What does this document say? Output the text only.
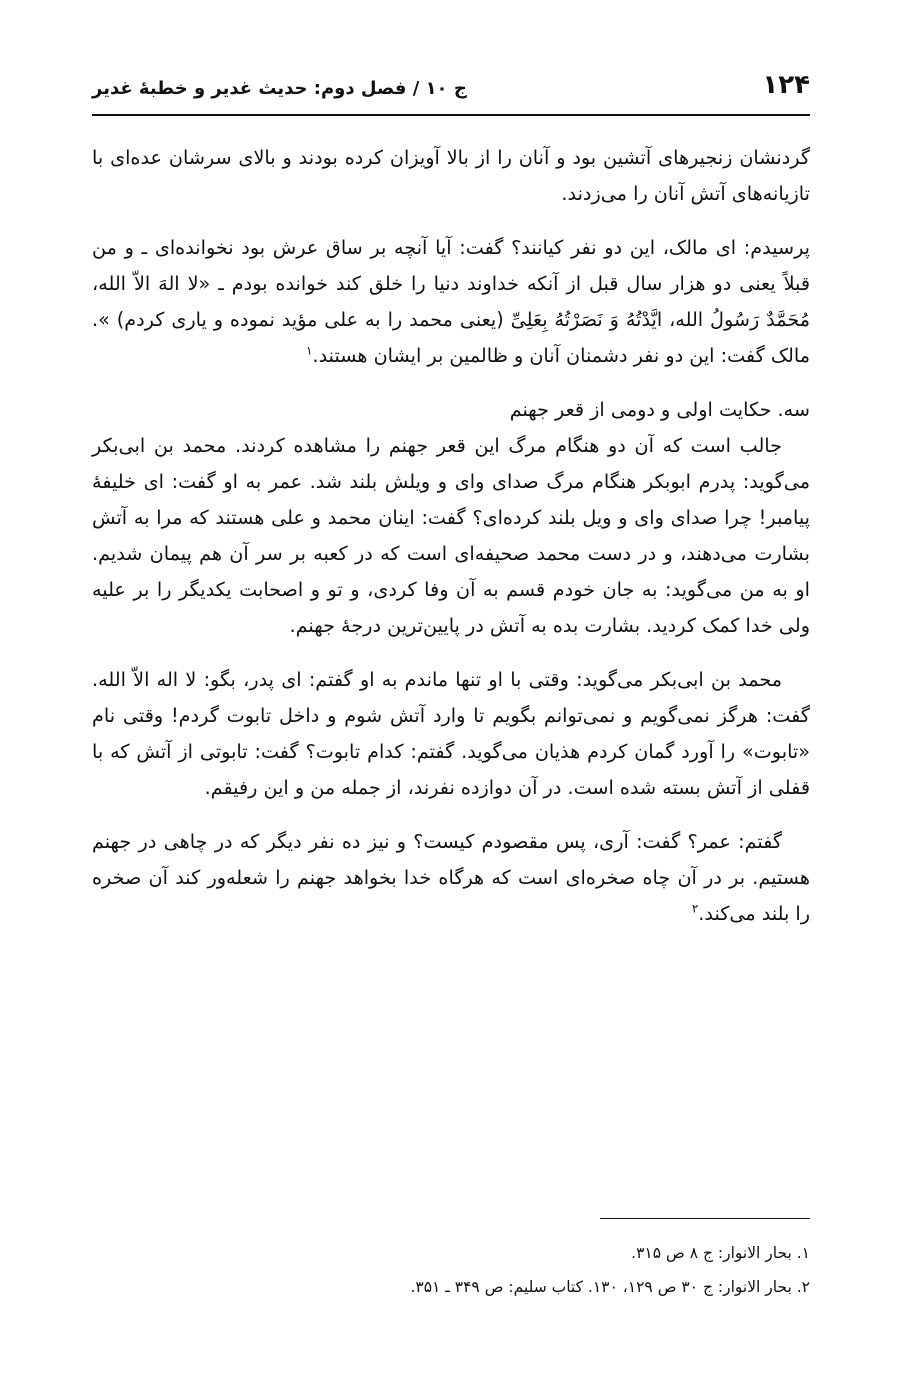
۱۲۴
ج ۱۰ / فصل دوم: حدیث غدیر و خطبهٔ غدیر

گردنشان زنجیرهای آتشین بود و آنان را از بالا آویزان کرده بودند و بالای سرشان عده‌ای با تازیانه‌های آتش آنان را می‌زدند.

پرسیدم: ای مالک، این دو نفر کیانند؟ گفت: آیا آنچه بر ساق عرش بود نخوانده‌ای ـ و من قبلاً یعنی دو هزار سال قبل از آنکه خداوند دنیا را خلق کند خوانده بودم ـ «لا الهَ الاّ الله، مُحَمَّدٌ رَسُولُ الله، ایَّدْتُهُ وَ نَصَرْتُهُ بِعَلِیِّ (یعنی محمد را به علی مؤید نموده و یاری کردم) ». مالک گفت: این دو نفر دشمنان آنان و ظالمین بر ایشان هستند.$^۱$

سه. حکایت اولی و دومی از قعر جهنم

جالب است که آن دو هنگام مرگ این قعر جهنم را مشاهده کردند. محمد بن ابی‌بکر می‌گوید: پدرم ابوبکر هنگام مرگ صدای وای و ویلش بلند شد. عمر به او گفت: ای خلیفهٔ پیامبر! چرا صدای وای و ویل بلند کرده‌ای؟ گفت: اینان محمد و علی هستند که مرا به آتش بشارت می‌دهند، و در دست محمد صحیفه‌ای است که در کعبه بر سر آن هم پیمان شدیم. او به من می‌گوید: به جان خودم قسم به آن وفا کردی، و تو و اصحابت یکدیگر را بر علیه ولی خدا کمک کردید. بشارت بده به آتش در پایین‌ترین درجهٔ جهنم.

محمد بن ابی‌بکر می‌گوید: وقتی با او تنها ماندم به او گفتم: ای پدر، بگو: لا اله الاّ الله. گفت: هرگز نمی‌گویم و نمی‌توانم بگویم تا وارد آتش شوم و داخل تابوت گردم! وقتی نام «تابوت» را آورد گمان کردم هذیان می‌گوید. گفتم: کدام تابوت؟ گفت: تابوتی از آتش که با قفلی از آتش بسته شده است. در آن دوازده نفرند، از جمله من و این رفیقم.

گفتم: عمر؟ گفت: آری، پس مقصودم کیست؟ و نیز ده نفر دیگر که در چاهی در جهنم هستیم. بر در آن چاه صخره‌ای است که هرگاه خدا بخواهد جهنم را شعله‌ور کند آن صخره را بلند می‌کند.$^۲$

۱. بحار الانوار: ج ۸ ص ۳۱۵.
۲. بحار الانوار: ج ۳۰ ص ۱۲۹، ۱۳۰. کتاب سلیم: ص ۳۴۹ ـ ۳۵۱.
